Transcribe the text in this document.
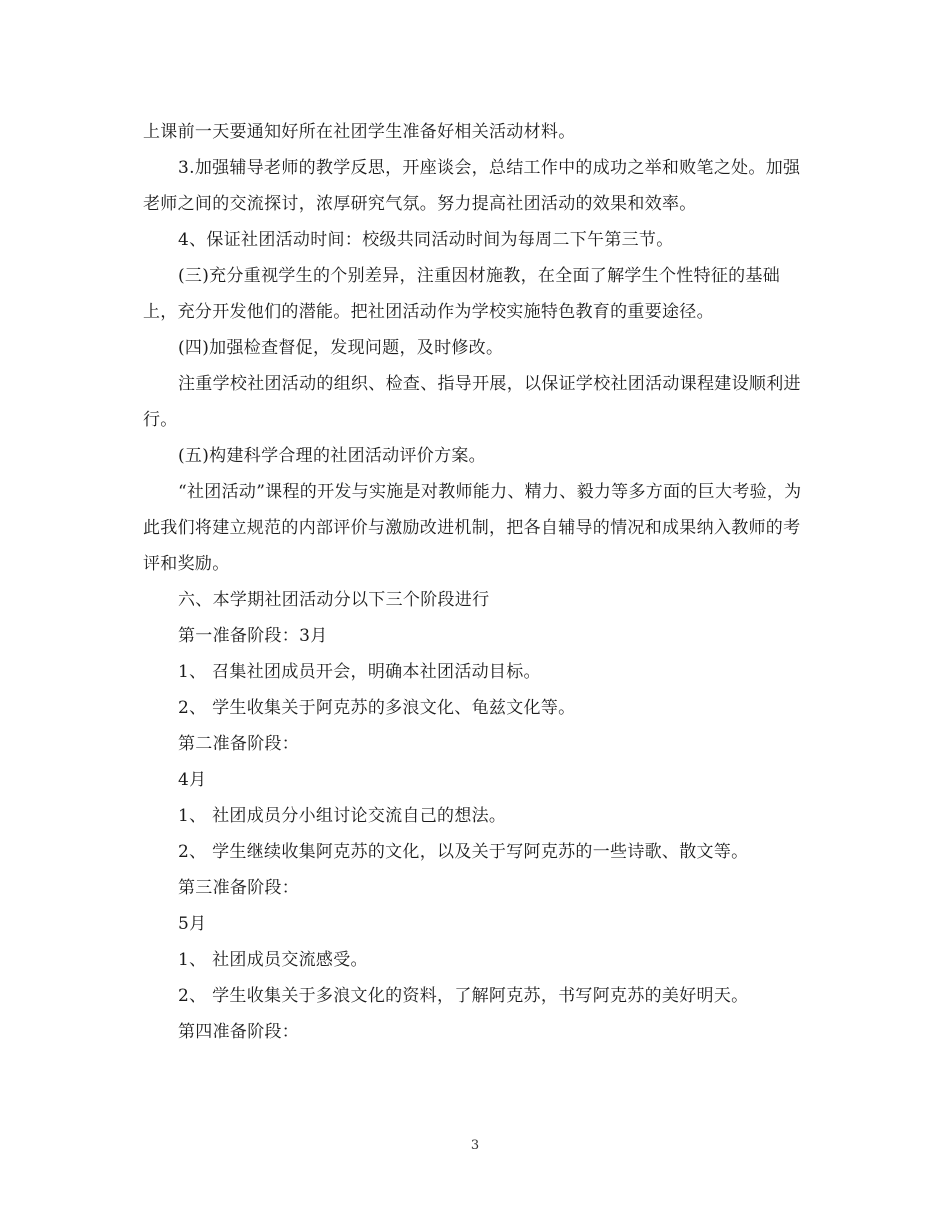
上课前一天要通知好所在社团学生准备好相关活动材料。

3.加强辅导老师的教学反思，开座谈会，总结工作中的成功之举和败笔之处。加强老师之间的交流探讨，浓厚研究气氛。努力提高社团活动的效果和效率。

4、保证社团活动时间：校级共同活动时间为每周二下午第三节。

(三)充分重视学生的个别差异，注重因材施教，在全面了解学生个性特征的基础上，充分开发他们的潜能。把社团活动作为学校实施特色教育的重要途径。

(四)加强检查督促，发现问题，及时修改。

注重学校社团活动的组织、检查、指导开展，以保证学校社团活动课程建设顺利进行。

(五)构建科学合理的社团活动评价方案。

“社团活动”课程的开发与实施是对教师能力、精力、毅力等多方面的巨大考验，为此我们将建立规范的内部评价与激励改进机制，把各自辅导的情况和成果纳入教师的考评和奖励。

六、本学期社团活动分以下三个阶段进行

第一准备阶段：3月

1、 召集社团成员开会，明确本社团活动目标。

2、 学生收集关于阿克苏的多浪文化、龟兹文化等。

第二准备阶段：

4月

1、 社团成员分小组讨论交流自己的想法。

2、 学生继续收集阿克苏的文化，以及关于写阿克苏的一些诗歌、散文等。

第三准备阶段：

5月

1、 社团成员交流感受。

2、 学生收集关于多浪文化的资料，了解阿克苏，书写阿克苏的美好明天。

第四准备阶段：

3
